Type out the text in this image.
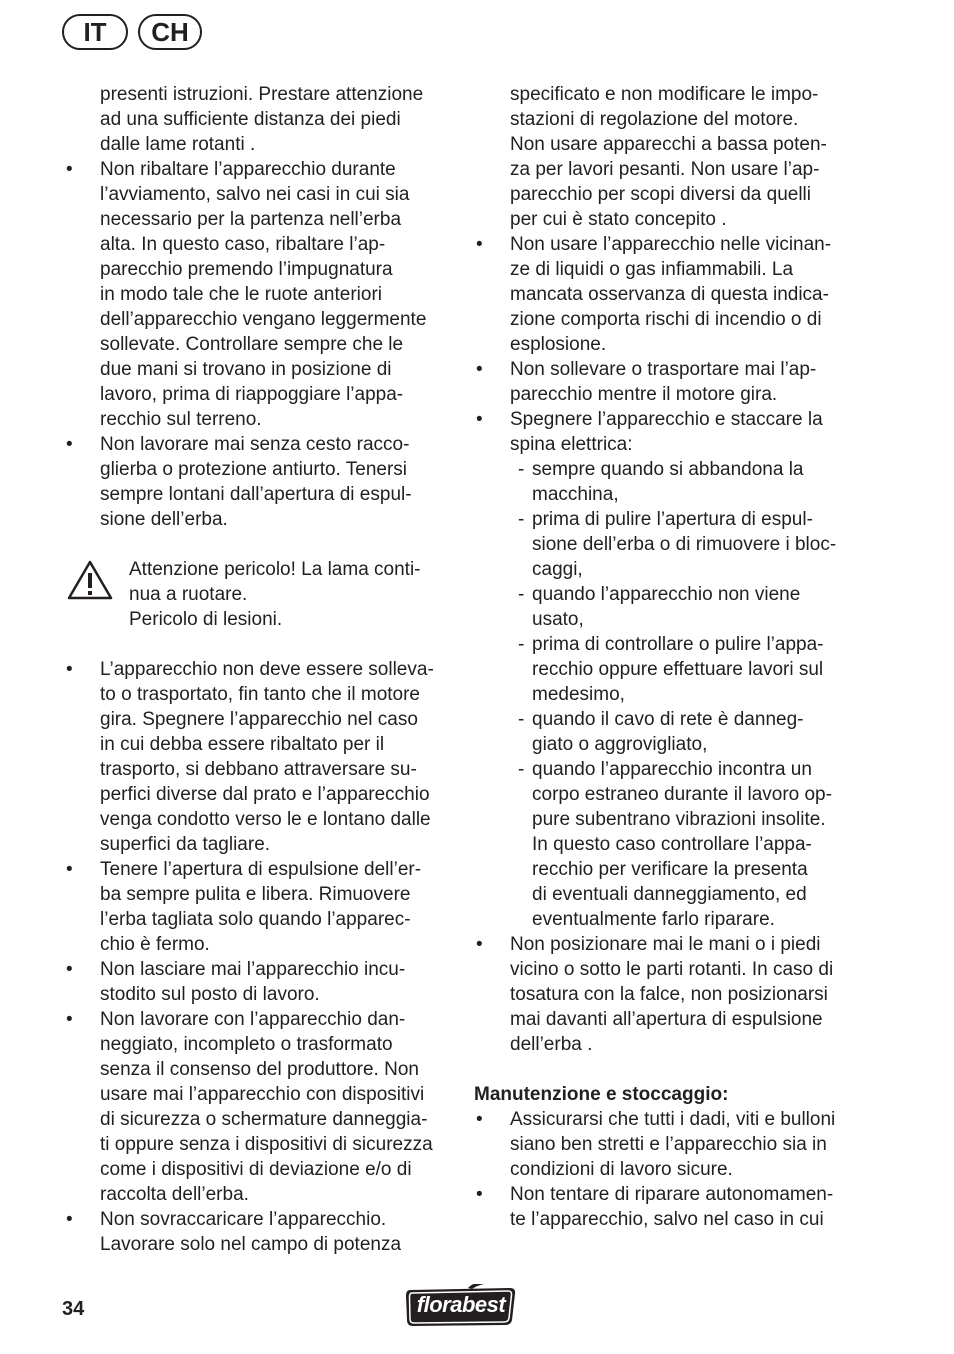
IT	CH
presenti istruzioni. Prestare attenzione
ad una sufficiente distanza dei piedi
dalle lame rotanti .
• Non ribaltare l’apparecchio durante
l’avviamento, salvo nei casi in cui sia
necessario per la partenza nell’erba
alta. In questo caso, ribaltare l’ap-
parecchio premendo l’impugnatura
in modo tale che le ruote anteriori
dell’apparecchio vengano leggermente
sollevate. Controllare sempre che le
due mani si trovano in posizione di
lavoro, prima di riappoggiare l’appa-
recchio sul terreno.
• Non lavorare mai senza cesto racco-
glierba o protezione antiurto. Tenersi
sempre lontani dall’apertura di espul-
sione dell’erba.
Attenzione pericolo! La lama conti-
nua a ruotare.
Pericolo di lesioni.
• L’apparecchio non deve essere solleva-
to o trasportato, fin tanto che il motore
gira. Spegnere l’apparecchio nel caso
in cui debba essere ribaltato per il
trasporto, si debbano attraversare su-
perfici diverse dal prato e l’apparecchio
venga condotto verso le e lontano dalle
superfici da tagliare.
• Tenere l’apertura di espulsione dell’er-
ba sempre pulita e libera. Rimuovere
l’erba tagliata solo quando l’apparec-
chio è fermo.
• Non lasciare mai l’apparecchio incu-
stodito sul posto di lavoro.
• Non lavorare con l’apparecchio dan-
neggiato, incompleto o trasformato
senza il consenso del produttore. Non
usare mai l’apparecchio con dispositivi
di sicurezza o schermature danneggia-
ti oppure senza i dispositivi di sicurezza
come i dispositivi di deviazione e/o di
raccolta dell’erba.
• Non sovraccaricare l’apparecchio.
Lavorare solo nel campo di potenza
specificato e non modificare le impo-
stazioni di regolazione del motore.
Non usare apparecchi a bassa poten-
za per lavori pesanti. Non usare l’ap-
parecchio per scopi diversi da quelli
per cui è stato concepito .
• Non usare l’apparecchio nelle vicinan-
ze di liquidi o gas infiammabili. La
mancata osservanza di questa indica-
zione comporta rischi di incendio o di
esplosione.
• Non sollevare o trasportare mai l’ap-
parecchio mentre il motore gira.
• Spegnere l’apparecchio e staccare la
spina elettrica:
- sempre quando si abbandona la
macchina,
- prima di pulire l’apertura di espul-
sione dell’erba o di rimuovere i bloc-
caggi,
- quando l’apparecchio non viene
usato,
- prima di controllare o pulire l’appa-
recchio oppure effettuare lavori sul
medesimo,
- quando il cavo di rete è danneg-
giato o aggrovigliato,
- quando l’apparecchio incontra un
corpo estraneo durante il lavoro op-
pure subentrano vibrazioni insolite.
In questo caso controllare l’appa-
recchio per verificare la presenta
di eventuali danneggiamento, ed
eventualmente farlo riparare.
• Non posizionare mai le mani o i piedi
vicino o sotto le parti rotanti. In caso di
tosatura con la falce, non posizionarsi
mai davanti all’apertura di espulsione
dell’erba .
Manutenzione e stoccaggio:
• Assicurarsi che tutti i dadi, viti e bulloni
siano ben stretti e l’apparecchio sia in
condizioni di lavoro sicure.
• Non tentare di riparare autonomamen-
te l’apparecchio, salvo nel caso in cui
34	florabest
